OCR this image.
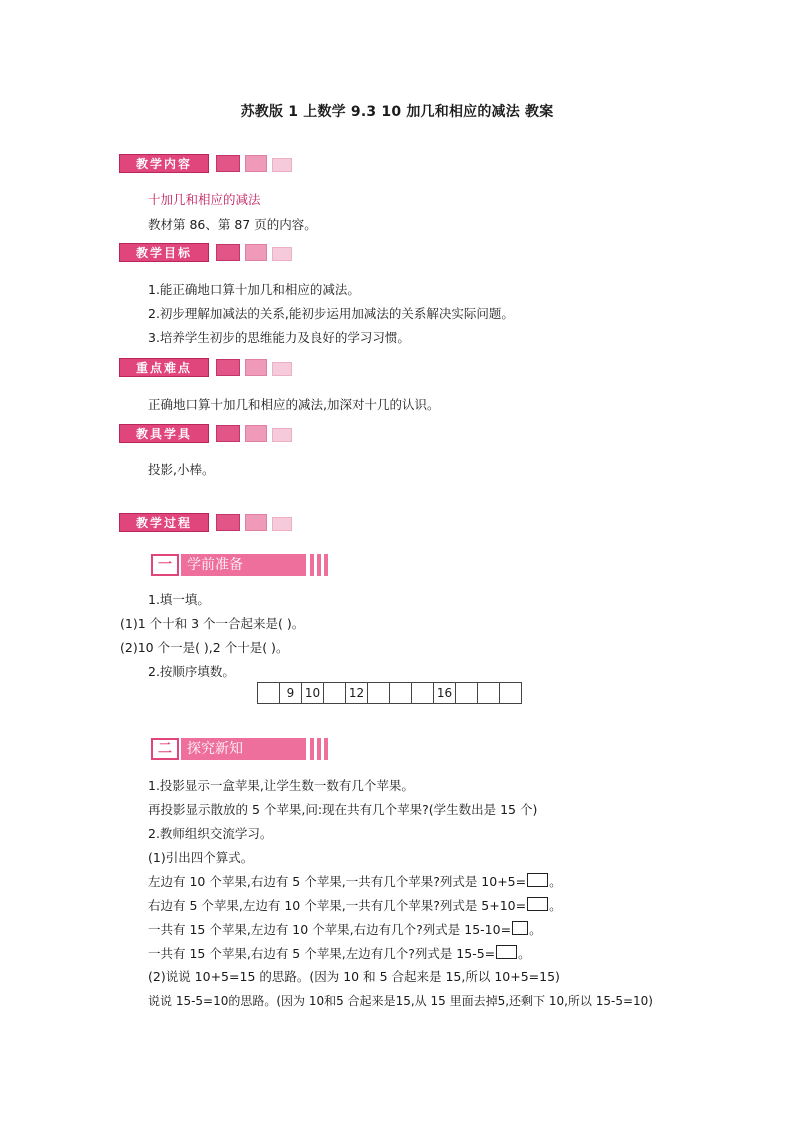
苏教版 1 上数学 9.3 10 加几和相应的减法 教案
教学内容
十加几和相应的减法
教材第 86、第 87 页的内容。
教学目标
1.能正确地口算十加几和相应的减法。
2.初步理解加减法的关系,能初步运用加减法的关系解决实际问题。
3.培养学生初步的思维能力及良好的学习习惯。
重点难点
正确地口算十加几和相应的减法,加深对十几的认识。
教具学具
投影,小棒。
教学过程
一	学前准备
1.填一填。
(1)1 个十和 3 个一合起来是( )。
(2)10 个一是( ),2 个十是( )。
2.按顺序填数。
	9	10		12				16			
二	探究新知
1.投影显示一盒苹果,让学生数一数有几个苹果。
再投影显示散放的 5 个苹果,问:现在共有几个苹果?(学生数出是 15 个)
2.教师组织交流学习。
(1)引出四个算式。
左边有 10 个苹果,右边有 5 个苹果,一共有几个苹果?列式是 10+5= 。
右边有 5 个苹果,左边有 10 个苹果,一共有几个苹果?列式是 5+10= 。
一共有 15 个苹果,左边有 10 个苹果,右边有几个?列式是 15-10= 。
一共有 15 个苹果,右边有 5 个苹果,左边有几个?列式是 15-5= 。
(2)说说 10+5=15 的思路。(因为 10 和 5 合起来是 15,所以 10+5=15)
说说 15-5=10的思路。(因为 10和5 合起来是15,从 15 里面去掉5,还剩下 10,所以 15-5=10)
